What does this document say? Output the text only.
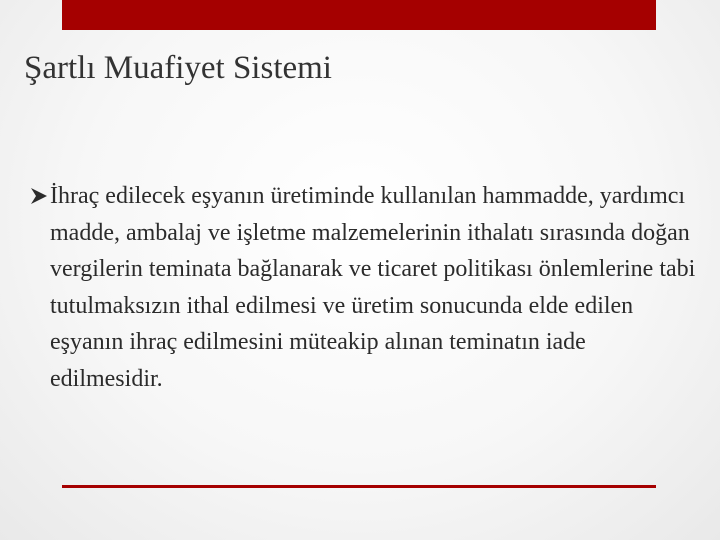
Şartlı Muafiyet Sistemi
İhraç edilecek eşyanın üretiminde kullanılan hammadde, yardımcı madde, ambalaj ve işletme malzemelerinin ithalatı sırasında doğan vergilerin teminata bağlanarak ve ticaret politikası önlemlerine tabi tutulmaksızın ithal edilmesi ve üretim sonucunda elde edilen eşyanın ihraç edilmesini müteakip alınan teminatın iade edilmesidir.
